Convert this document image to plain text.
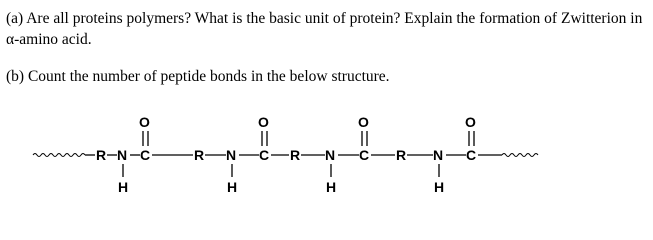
(a) Are all proteins polymers? What is the basic unit of protein? Explain the formation of Zwitterion in α-amino acid.

(b) Count the number of peptide bonds in the below structure.

R N
H
C
O
R N
H
C
O
R N
H
C
O
R N
H
C
O
